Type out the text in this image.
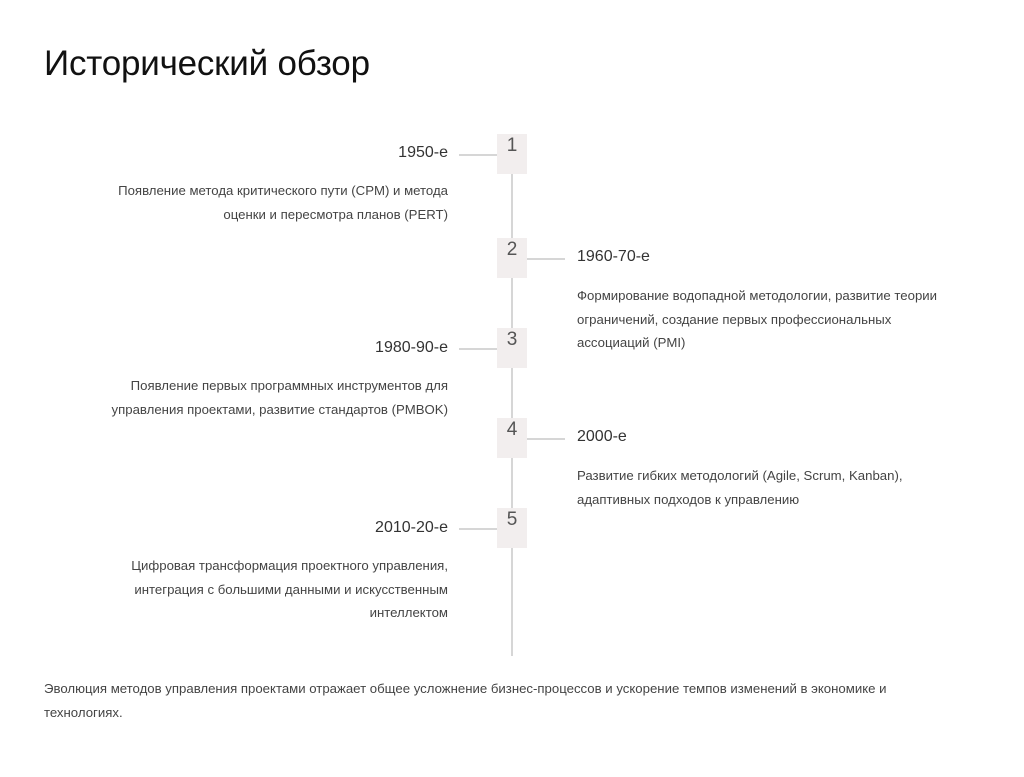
Исторический обзор
1
1950-е

Появление метода критического пути (CPM) и метода
оценки и пересмотра планов (PERT)

2	1960-70-е

Формирование водопадной методологии, развитие теории
ограничений, создание первых профессиональных
ассоциаций (PMI)

3
1980-90-е

Появление первых программных инструментов для
управления проектами, развитие стандартов (PMBOK)

4	2000-е

Развитие гибких методологий (Agile, Scrum, Kanban),
адаптивных подходов к управлению

5
2010-20-е

Цифровая трансформация проектного управления,
интеграция с большими данными и искусственным
интеллектом

Эволюция методов управления проектами отражает общее усложнение бизнес-процессов и ускорение темпов изменений в экономике и
технологиях.
